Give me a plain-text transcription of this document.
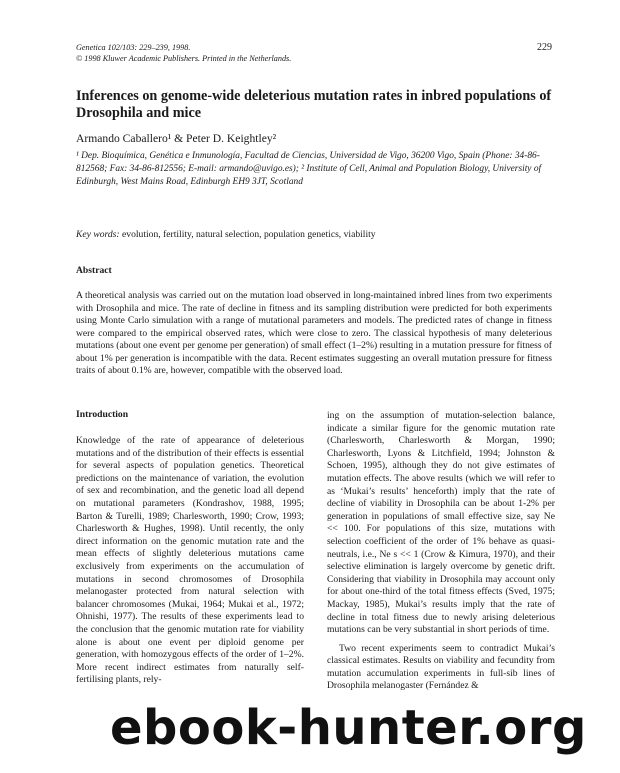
Genetica 102/103: 229–239, 1998.
© 1998 Kluwer Academic Publishers. Printed in the Netherlands.
229
Inferences on genome-wide deleterious mutation rates in inbred populations of Drosophila and mice
Armando Caballero¹ & Peter D. Keightley²
¹ Dep. Bioquímica, Genética e Inmunología, Facultad de Ciencias, Universidad de Vigo, 36200 Vigo, Spain (Phone: 34-86-812568; Fax: 34-86-812556; E-mail: armando@uvigo.es); ² Institute of Cell, Animal and Population Biology, University of Edinburgh, West Mains Road, Edinburgh EH9 3JT, Scotland
Key words: evolution, fertility, natural selection, population genetics, viability
Abstract

A theoretical analysis was carried out on the mutation load observed in long-maintained inbred lines from two experiments with Drosophila and mice. The rate of decline in fitness and its sampling distribution were predicted for both experiments using Monte Carlo simulation with a range of mutational parameters and models. The predicted rates of change in fitness were compared to the empirical observed rates, which were close to zero. The classical hypothesis of many deleterious mutations (about one event per genome per generation) of small effect (1–2%) resulting in a mutation pressure for fitness of about 1% per generation is incompatible with the data. Recent estimates suggesting an overall mutation pressure for fitness traits of about 0.1% are, however, compatible with the observed load.

Introduction

Knowledge of the rate of appearance of deleterious mutations and of the distribution of their effects is essential for several aspects of population genetics. Theoretical predictions on the maintenance of variation, the evolution of sex and recombination, and the genetic load all depend on mutational parameters (Kondrashov, 1988, 1995; Barton & Turelli, 1989; Charlesworth, 1990; Crow, 1993; Charlesworth & Hughes, 1998). Until recently, the only direct information on the genomic mutation rate and the mean effects of slightly deleterious mutations came exclusively from experiments on the accumulation of mutations in second chromosomes of Drosophila melanogaster protected from natural selection with balancer chromosomes (Mukai, 1964; Mukai et al., 1972; Ohnishi, 1977). The results of these experiments lead to the conclusion that the genomic mutation rate for viability alone is about one event per diploid genome per generation, with homozygous effects of the order of 1–2%. More recent indirect estimates from naturally self-fertilising plants, rely-

ing on the assumption of mutation-selection balance, indicate a similar figure for the genomic mutation rate (Charlesworth, Charlesworth & Morgan, 1990; Charlesworth, Lyons & Litchfield, 1994; Johnston & Schoen, 1995), although they do not give estimates of mutation effects. The above results (which we will refer to as ‘Mukai’s results’ henceforth) imply that the rate of decline of viability in Drosophila can be about 1-2% per generation in populations of small effective size, say Ne << 100. For populations of this size, mutations with selection coefficient of the order of 1% behave as quasi-neutrals, i.e., Ne s << 1 (Crow & Kimura, 1970), and their selective elimination is largely overcome by genetic drift. Considering that viability in Drosophila may account only for about one-third of the total fitness effects (Sved, 1975; Mackay, 1985), Mukai’s results imply that the rate of decline in total fitness due to newly arising deleterious mutations can be very substantial in short periods of time.

Two recent experiments seem to contradict Mukai’s classical estimates. Results on viability and fecundity from mutation accumulation experiments in full-sib lines of Drosophila melanogaster (Fernández &

ebook-hunter.org
